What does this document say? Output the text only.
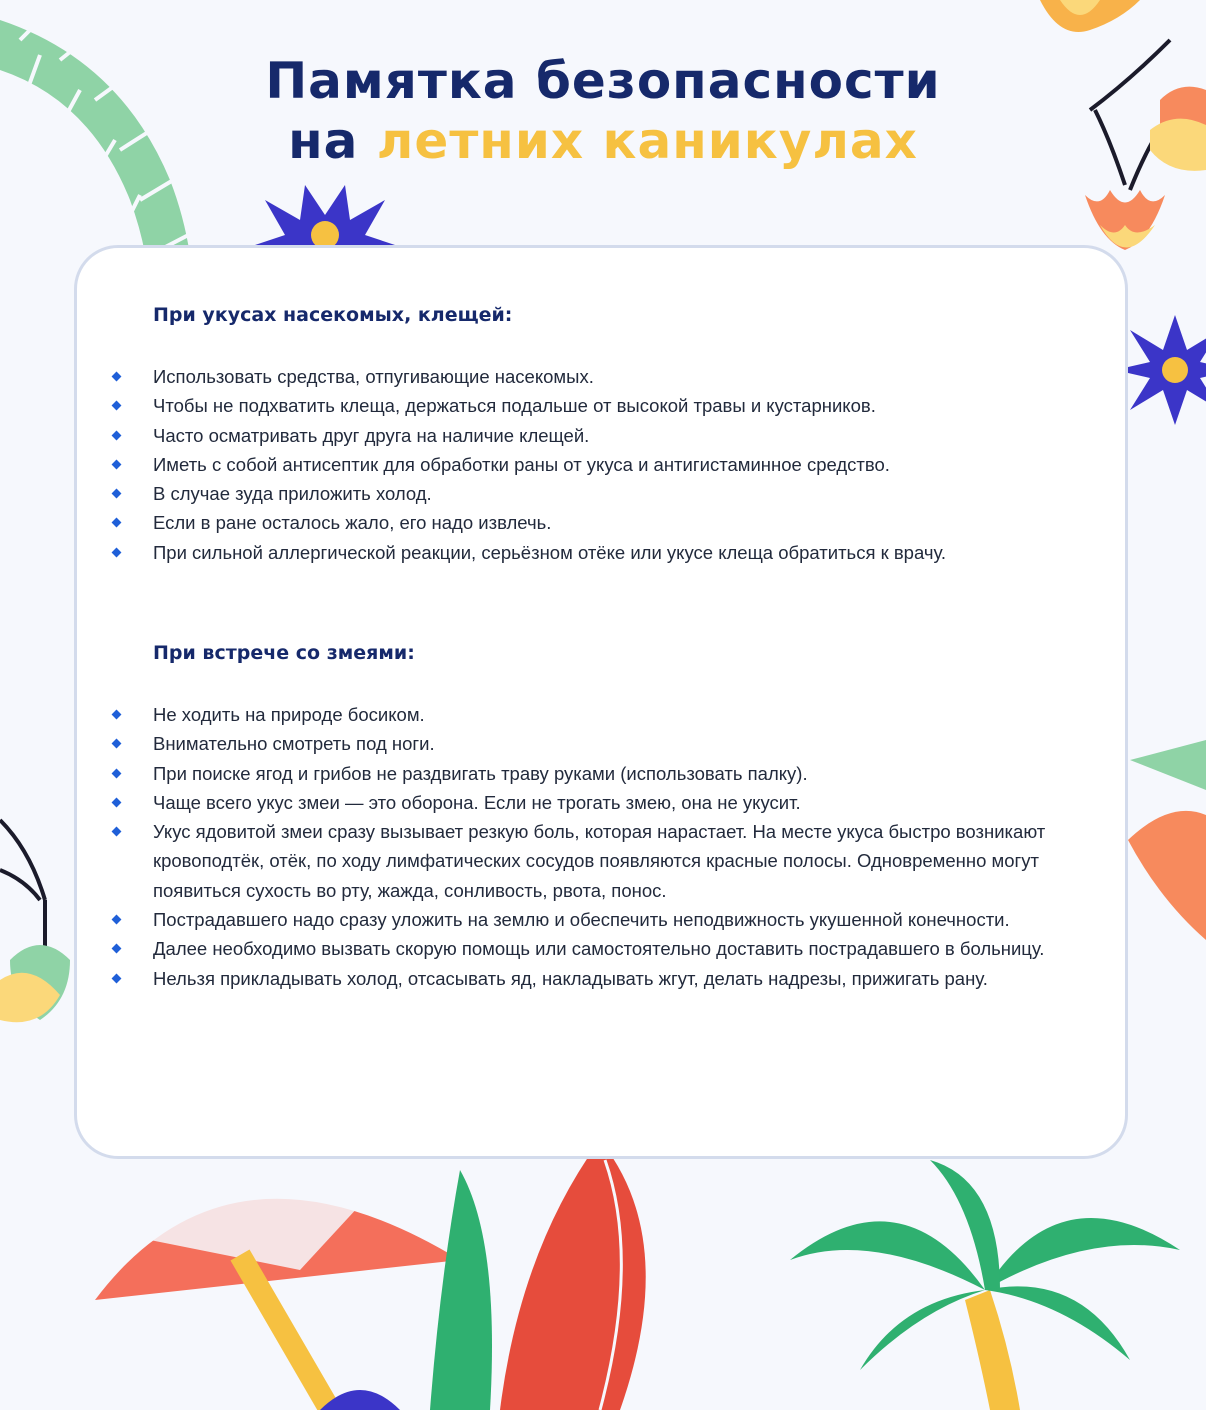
Памятка безопасности
на летних каникулах
При укусах насекомых, клещей:
Использовать средства, отпугивающие насекомых.
Чтобы не подхватить клеща, держаться подальше от высокой травы и кустарников.
Часто осматривать друг друга на наличие клещей.
Иметь с собой антисептик для обработки раны от укуса и антигистаминное средство.
В случае зуда приложить холод.
Если в ране осталось жало, его надо извлечь.
При сильной аллергической реакции, серьёзном отёке или укусе клеща обратиться к врачу.
При встрече со змеями:
Не ходить на природе босиком.
Внимательно смотреть под ноги.
При поиске ягод и грибов не раздвигать траву руками (использовать палку).
Чаще всего укус змеи — это оборона. Если не трогать змею, она не укусит.
Укус ядовитой змеи сразу вызывает резкую боль, которая нарастает. На месте укуса быстро возникают кровоподтёк, отёк, по ходу лимфатических сосудов появляются красные полосы. Одновременно могут появиться сухость во рту, жажда, сонливость, рвота, понос.
Пострадавшего надо сразу уложить на землю и обеспечить неподвижность укушенной конечности.
Далее необходимо вызвать скорую помощь или самостоятельно доставить пострадавшего в больницу.
Нельзя прикладывать холод, отсасывать яд, накладывать жгут, делать надрезы, прижигать рану.
